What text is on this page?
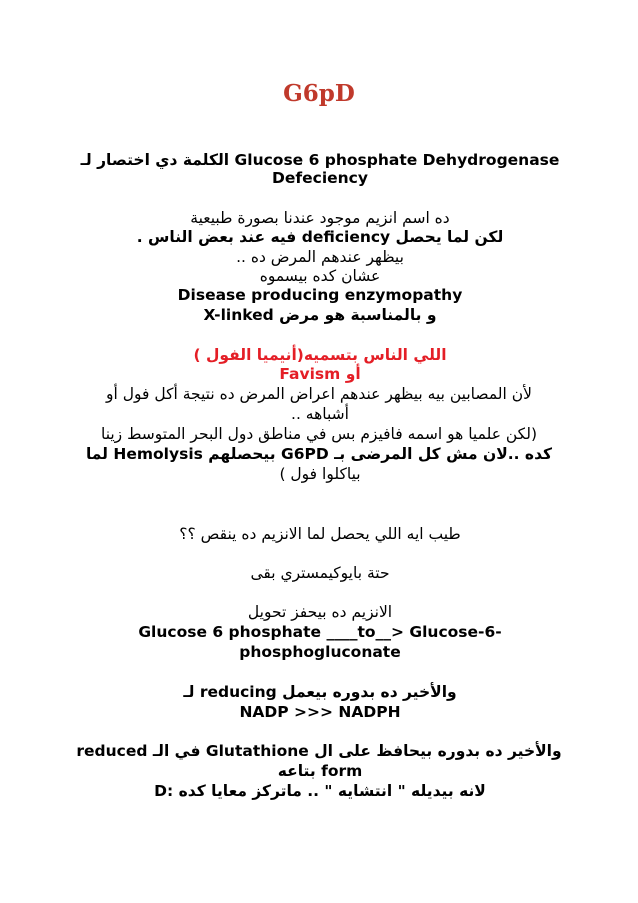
G6pD
Glucose 6 phosphate Dehydrogenase الكلمة دي اختصار لـ
Defeciency
ده اسم انزيم موجود عندنا بصورة طبيعية
لكن لما يحصل deficiency فيه عند بعض الناس .
بيظهر عندهم المرض ده ..
عشان كده بيسموه
Disease producing enzymopathy
و بالمناسبة هو مرض X-linked
اللي الناس بتسميه(أنيميا الفول )
أو Favism
لأن المصابين بيه بيظهر عندهم اعراض المرض ده نتيجة أكل فول أو
أشباهه ..
(لكن علميا هو اسمه فافيزم بس في مناطق دول البحر المتوسط زينا
كده ..لان مش كل المرضى بـ G6PD بيحصلهم Hemolysis لما
بياكلوا فول )
طيب ايه اللي يحصل لما الانزيم ده ينقص ؟؟
حتة بايوكيمستري بقى
الانزيم ده بيحفز تحويل
Glucose 6 phosphate ____to__> Glucose-6-
phosphogluconate
والأخير ده بدوره بيعمل reducing لـ
NADP >>> NADPH
والأخير ده بدوره بيحافظ على ال Glutathione في الـ reduced
form بتاعه
لانه بيديله " انتشايه " .. ماتركز معايا كده :D
